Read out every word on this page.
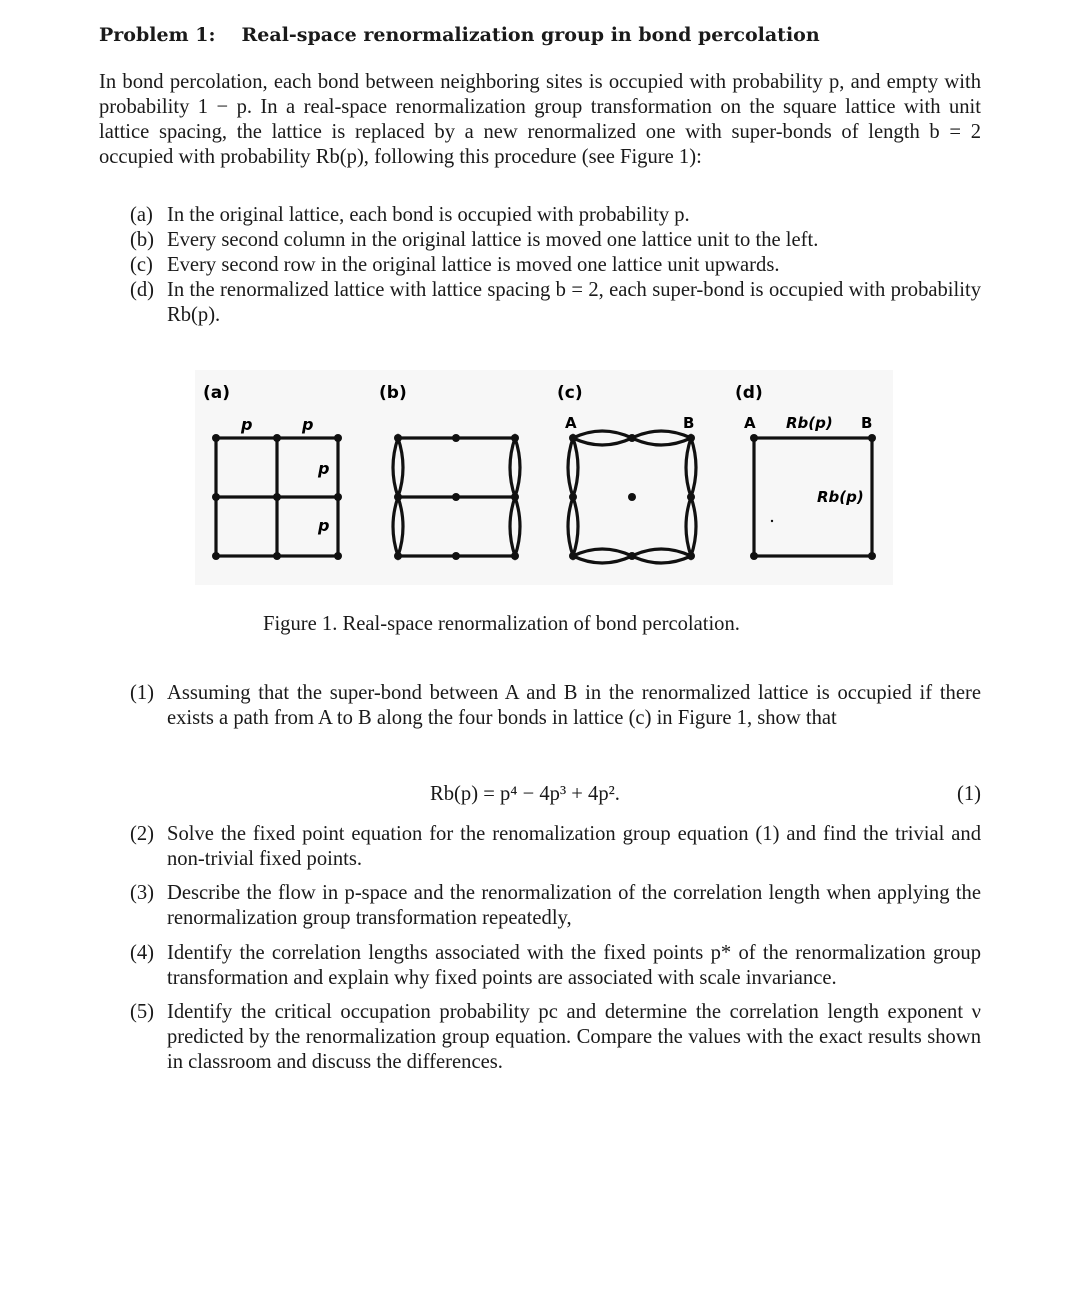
Problem 1: Real-space renormalization group in bond percolation
In bond percolation, each bond between neighboring sites is occupied with probability p, and empty with probability 1 − p. In a real-space renormalization group transformation on the square lattice with unit lattice spacing, the lattice is replaced by a new renormalized one with super-bonds of length b = 2 occupied with probability Rb(p), following this procedure (see Figure 1):
(a) In the original lattice, each bond is occupied with probability p.
(b) Every second column in the original lattice is moved one lattice unit to the left.
(c) Every second row in the original lattice is moved one lattice unit upwards.
(d) In the renormalized lattice with lattice spacing b = 2, each super-bond is occupied with probability Rb(p).
(a)
p	p
p
p
(b)	(c)
A	B
(d)
A Rb(p) B
Rb(p)
Figure 1. Real-space renormalization of bond percolation.
(1) Assuming that the super-bond between A and B in the renormalized lattice is occupied if there exists a path from A to B along the four bonds in lattice (c) in Figure 1, show that
Rb(p) = p⁴ − 4p³ + 4p².	(1)
(2) Solve the fixed point equation for the renomalization group equation (1) and find the trivial and non-trivial fixed points.
(3) Describe the flow in p-space and the renormalization of the correlation length when applying the renormalization group transformation repeatedly,
(4) Identify the correlation lengths associated with the fixed points p* of the renormalization group transformation and explain why fixed points are associated with scale invariance.
(5) Identify the critical occupation probability pc and determine the correlation length exponent ν predicted by the renormalization group equation. Compare the values with the exact results shown in classroom and discuss the differences.
